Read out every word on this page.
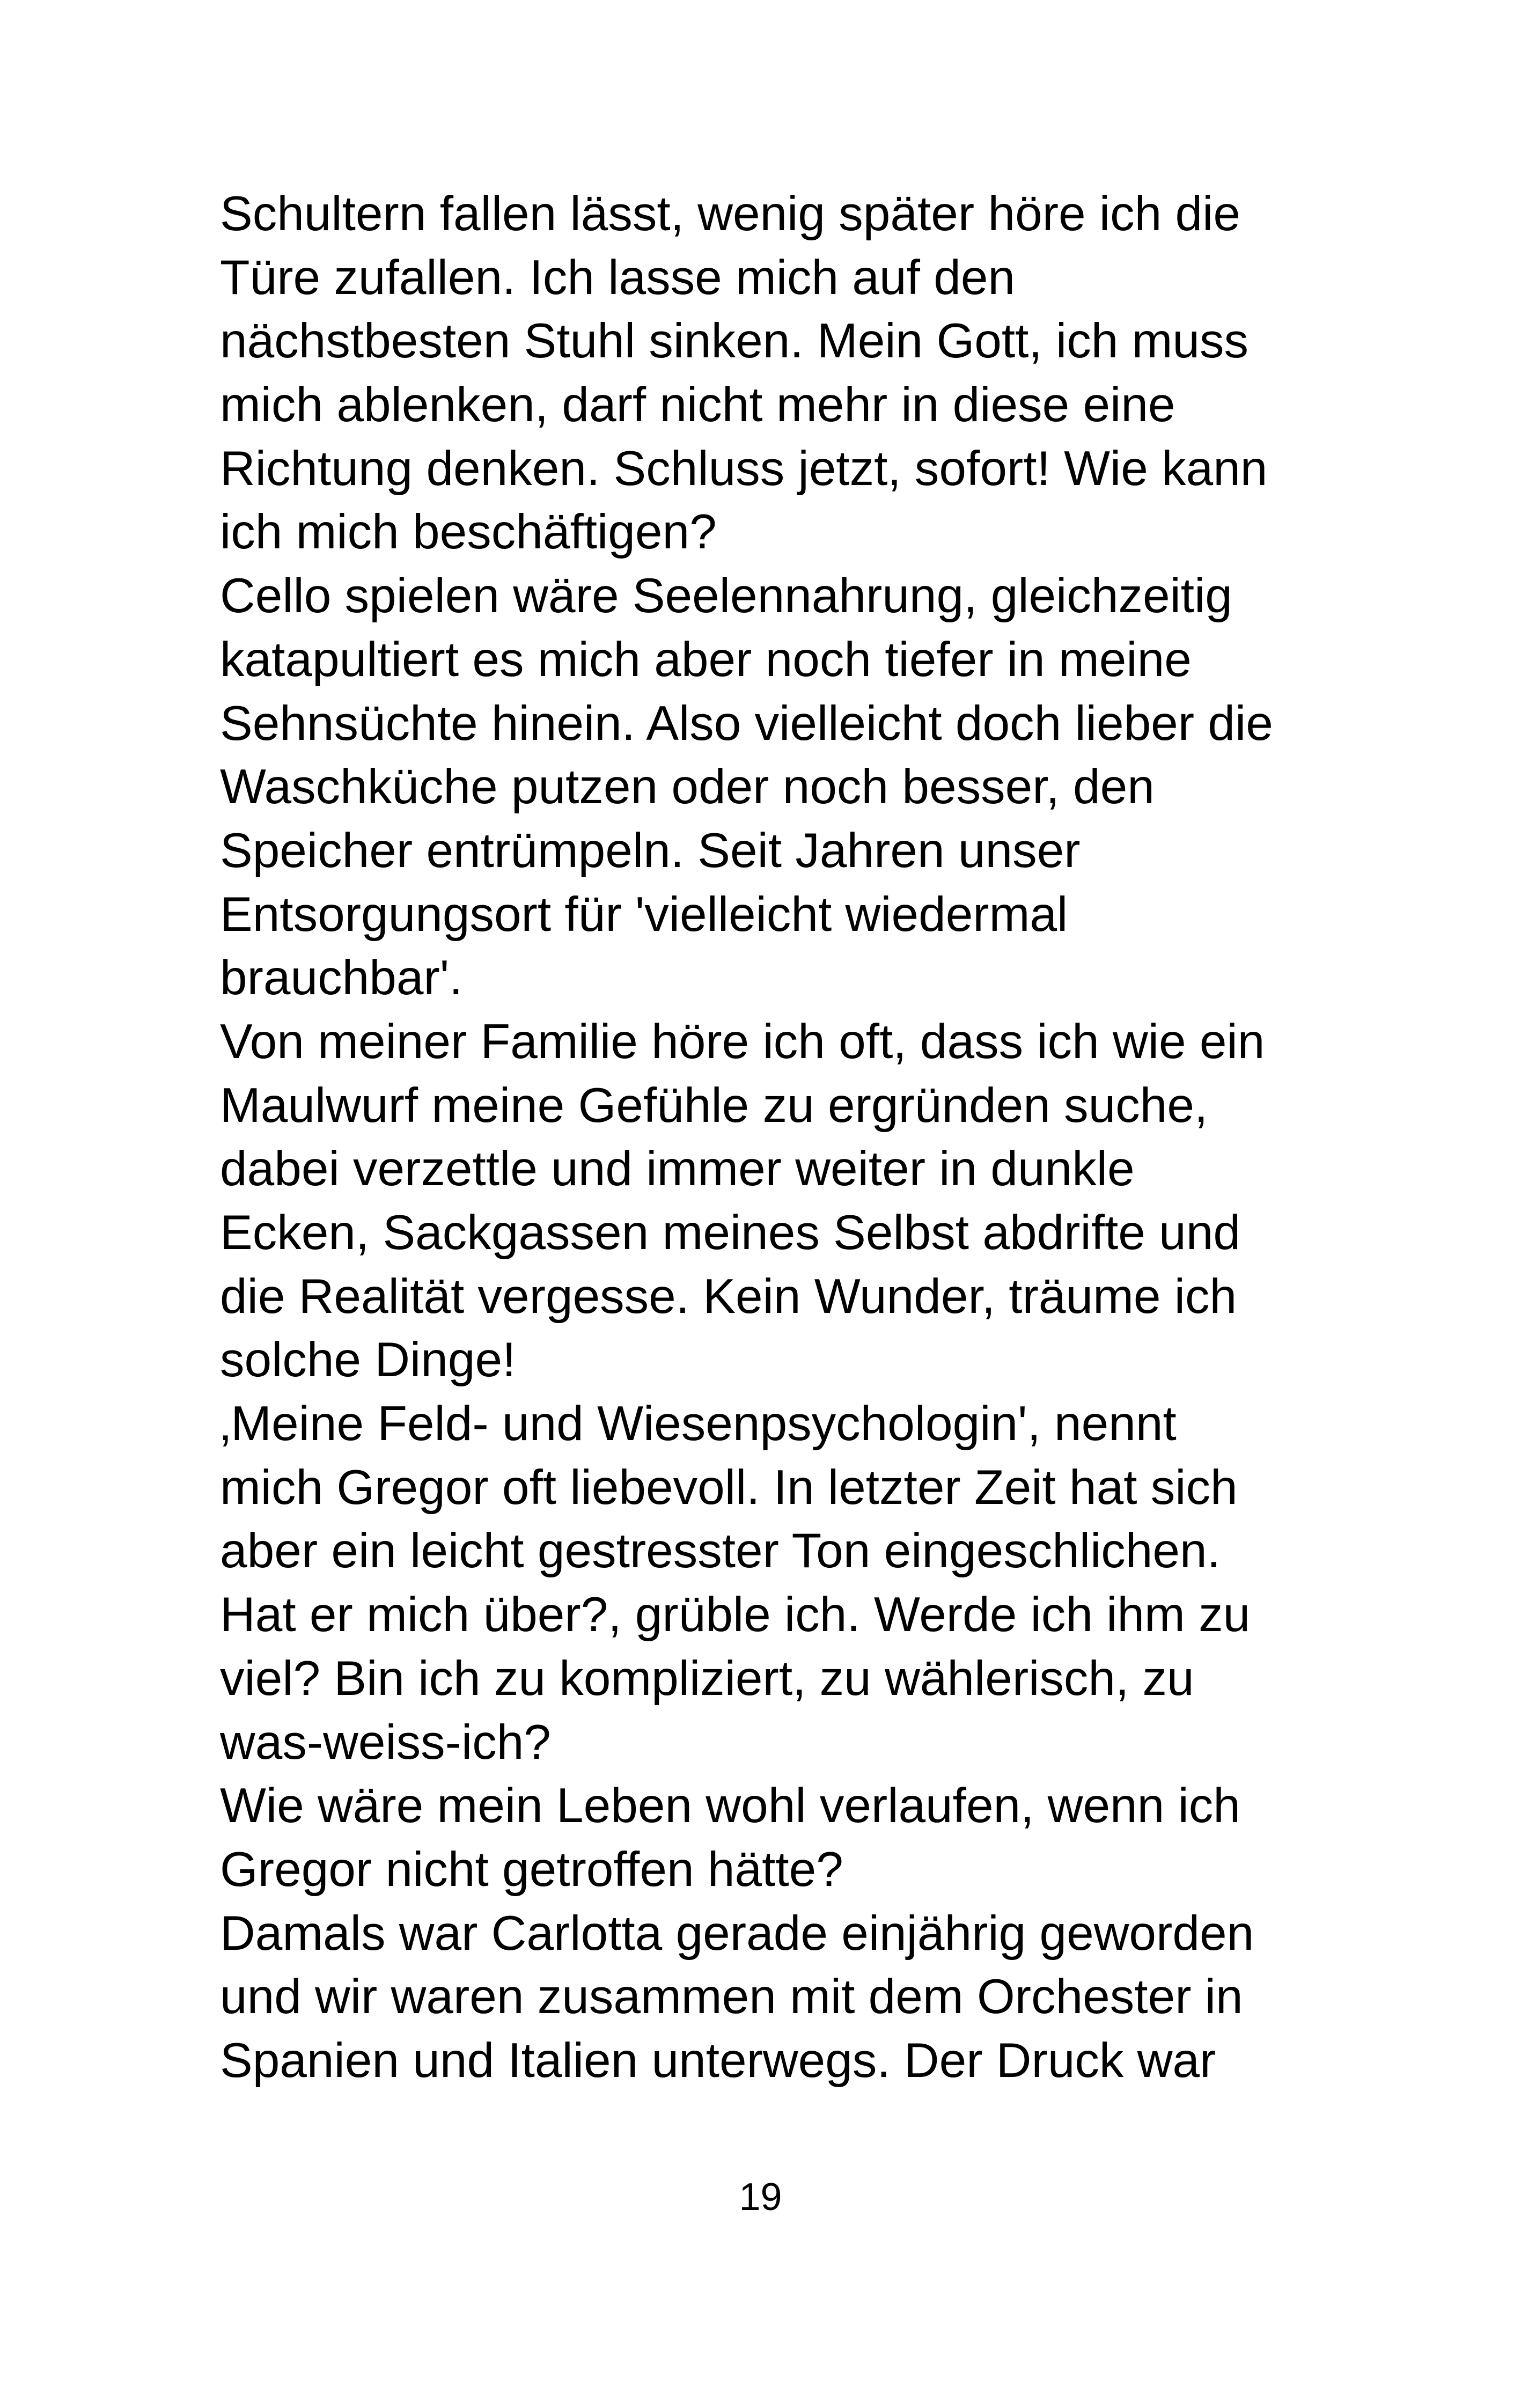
Schultern fallen lässt, wenig später höre ich die
Türe zufallen. Ich lasse mich auf den
nächstbesten Stuhl sinken. Mein Gott, ich muss
mich ablenken, darf nicht mehr in diese eine
Richtung denken. Schluss jetzt, sofort! Wie kann
ich mich beschäftigen?
Cello spielen wäre Seelennahrung, gleichzeitig
katapultiert es mich aber noch tiefer in meine
Sehnsüchte hinein. Also vielleicht doch lieber die
Waschküche putzen oder noch besser, den
Speicher entrümpeln. Seit Jahren unser
Entsorgungsort für 'vielleicht wiedermal
brauchbar'.
Von meiner Familie höre ich oft, dass ich wie ein
Maulwurf meine Gefühle zu ergründen suche,
dabei verzettle und immer weiter in dunkle
Ecken, Sackgassen meines Selbst abdrifte und
die Realität vergesse. Kein Wunder, träume ich
solche Dinge!
‚Meine Feld- und Wiesenpsychologin', nennt
mich Gregor oft liebevoll. In letzter Zeit hat sich
aber ein leicht gestresster Ton eingeschlichen.
Hat er mich über?, grüble ich. Werde ich ihm zu
viel? Bin ich zu kompliziert, zu wählerisch, zu
was-weiss-ich?
Wie wäre mein Leben wohl verlaufen, wenn ich
Gregor nicht getroffen hätte?
Damals war Carlotta gerade einjährig geworden
und wir waren zusammen mit dem Orchester in
Spanien und Italien unterwegs. Der Druck war
19
